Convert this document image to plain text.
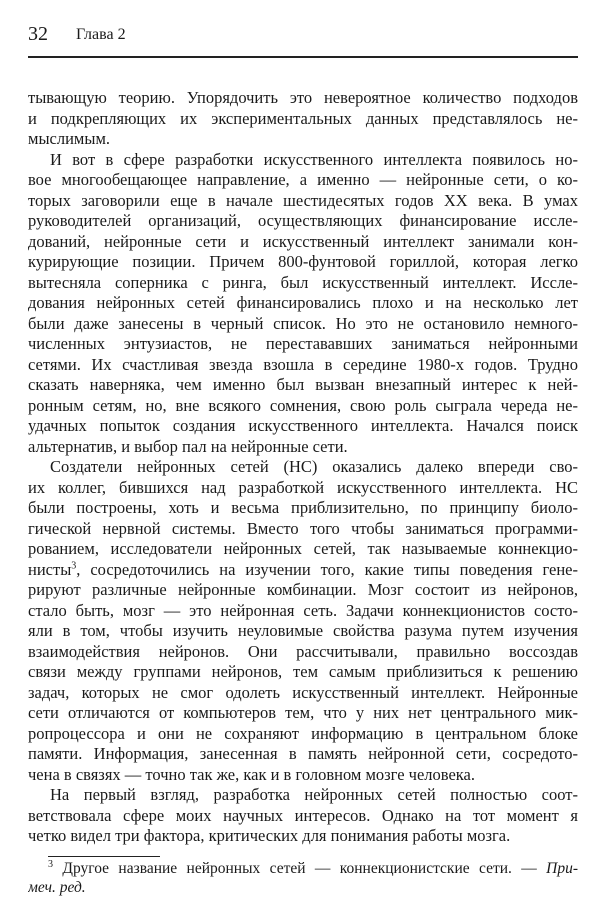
32 Глава 2
тывающую теорию. Упорядочить это невероятное количество подходов
и подкрепляющих их экспериментальных данных представлялось не-
мыслимым.
И вот в сфере разработки искусственного интеллекта появилось но-
вое многообещающее направление, а именно — нейронные сети, о ко-
торых заговорили еще в начале шестидесятых годов XX века. В умах
руководителей организаций, осуществляющих финансирование иссле-
дований, нейронные сети и искусственный интеллект занимали кон-
курирующие позиции. Причем 800-фунтовой гориллой, которая легко
вытесняла соперника с ринга, был искусственный интеллект. Иссле-
дования нейронных сетей финансировались плохо и на несколько лет
были даже занесены в черный список. Но это не остановило немного-
численных энтузиастов, не перестававших заниматься нейронными
сетями. Их счастливая звезда взошла в середине 1980-х годов. Трудно
сказать наверняка, чем именно был вызван внезапный интерес к ней-
ронным сетям, но, вне всякого сомнения, свою роль сыграла череда не-
удачных попыток создания искусственного интеллекта. Начался поиск
альтернатив, и выбор пал на нейронные сети.
Создатели нейронных сетей (НС) оказались далеко впереди сво-
их коллег, бившихся над разработкой искусственного интеллекта. НС
были построены, хоть и весьма приблизительно, по принципу биоло-
гической нервной системы. Вместо того чтобы заниматься программи-
рованием, исследователи нейронных сетей, так называемые коннекцио-
нисты$^3$, сосредоточились на изучении того, какие типы поведения гене-
рируют различные нейронные комбинации. Мозг состоит из нейронов,
стало быть, мозг — это нейронная сеть. Задачи коннекционистов состо-
яли в том, чтобы изучить неуловимые свойства разума путем изучения
взаимодействия нейронов. Они рассчитывали, правильно воссоздав
связи между группами нейронов, тем самым приблизиться к решению
задач, которых не смог одолеть искусственный интеллект. Нейронные
сети отличаются от компьютеров тем, что у них нет центрального мик-
ропроцессора и они не сохраняют информацию в центральном блоке
памяти. Информация, занесенная в память нейронной сети, сосредото-
чена в связях — точно так же, как и в головном мозге человека.
На первый взгляд, разработка нейронных сетей полностью соот-
ветствовала сфере моих научных интересов. Однако на тот момент я
четко видел три фактора, критических для понимания работы мозга.
$^3$ Другое название нейронных сетей — коннекционистские сети. — При-
меч. ред.
